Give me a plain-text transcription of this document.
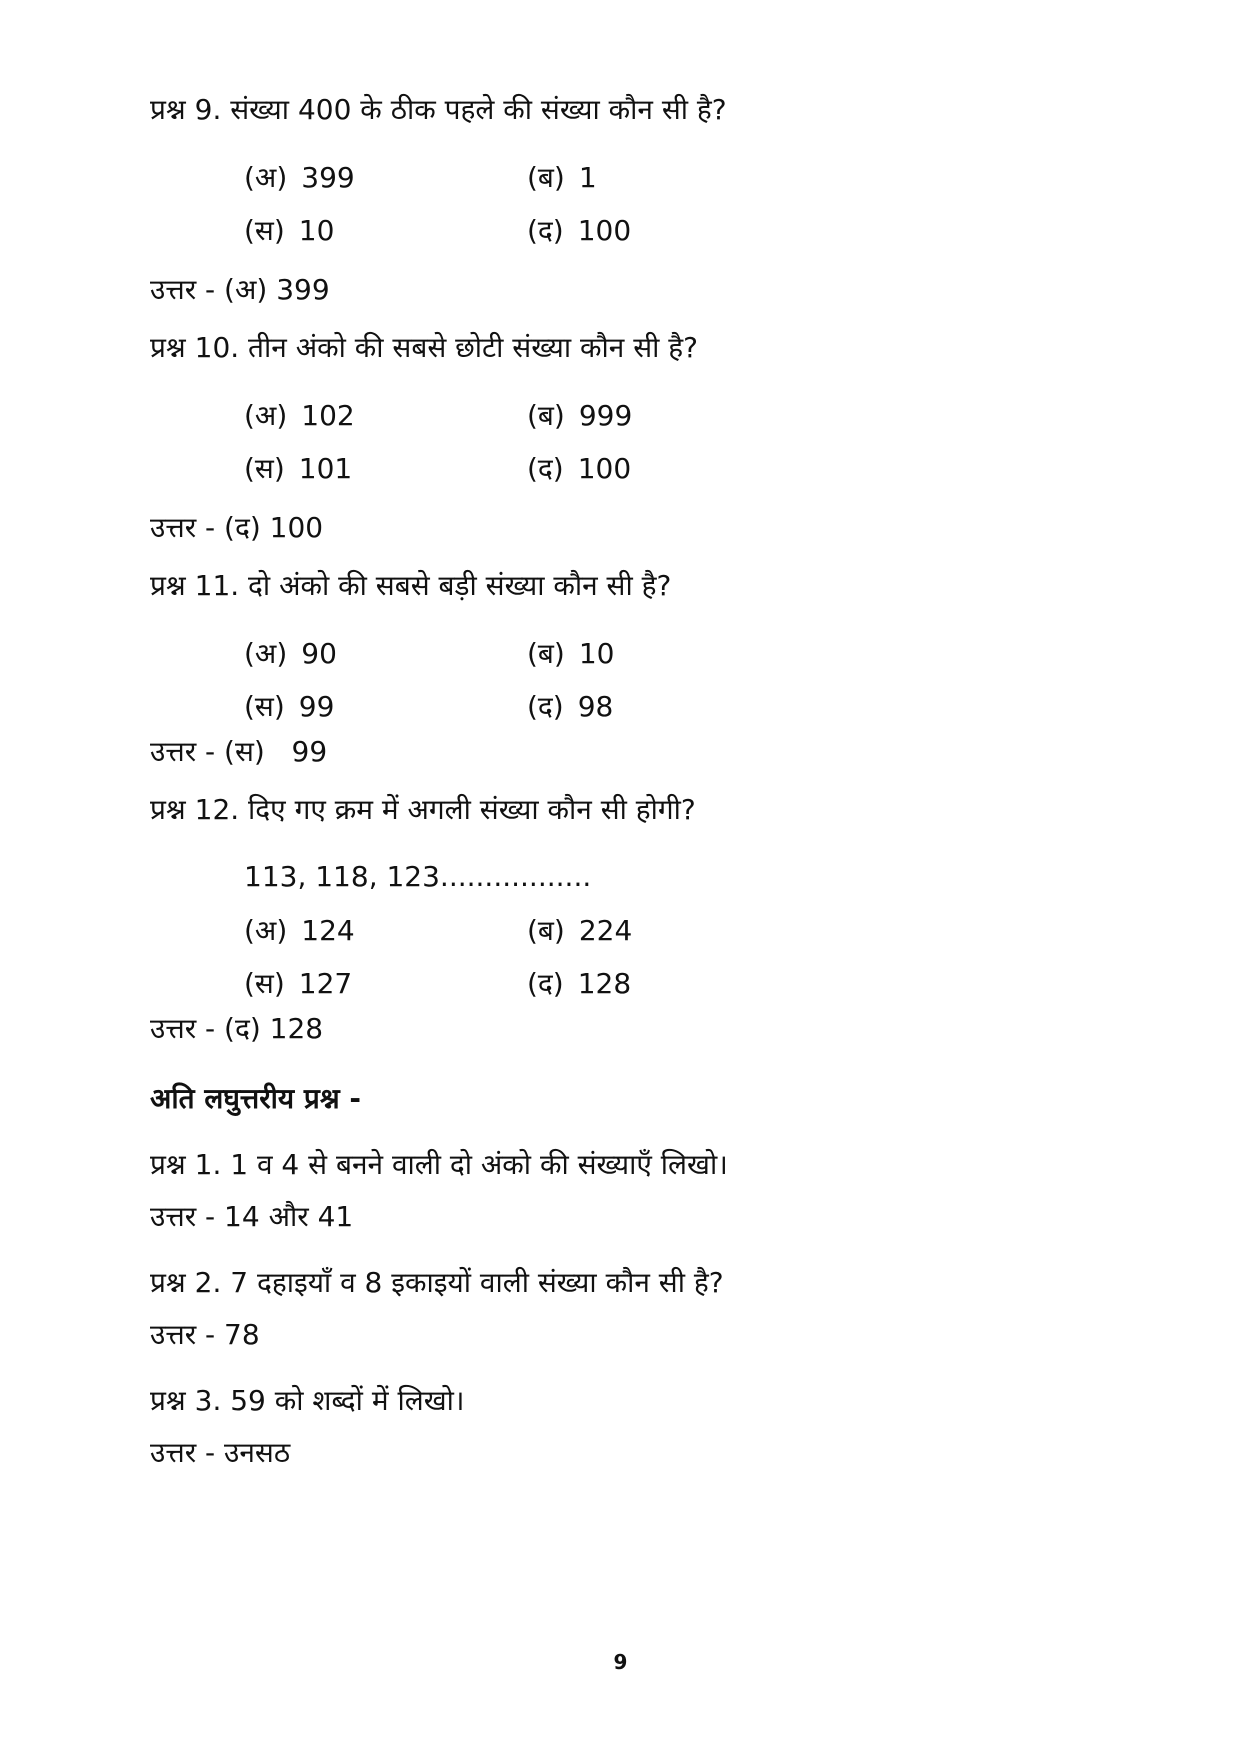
प्रश्न 9. संख्या 400 के ठीक पहले की संख्या कौन सी है?

(अ) 399	(ब) 1
(स) 10	(द) 100

उत्तर - (अ) 399

प्रश्न 10. तीन अंको की सबसे छोटी संख्या कौन सी है?

(अ) 102	(ब) 999
(स) 101	(द) 100

उत्तर - (द) 100

प्रश्न 11. दो अंको की सबसे बड़ी संख्या कौन सी है?

(अ) 90	(ब) 10
(स) 99	(द) 98

उत्तर - (स)   99

प्रश्न 12. दिए गए क्रम में अगली संख्या कौन सी होगी?

113, 118, 123.................
(अ) 124	(ब) 224
(स) 127	(द) 128

उत्तर - (द) 128

अति लघुत्तरीय प्रश्न -

प्रश्न 1. 1 व 4 से बनने वाली दो अंको की संख्याएँ लिखो।

उत्तर - 14 और 41

प्रश्न 2. 7 दहाइयाँ व 8 इकाइयों वाली संख्या कौन सी है?

उत्तर - 78

प्रश्न 3. 59 को शब्दों में लिखो।

उत्तर - उनसठ

9
